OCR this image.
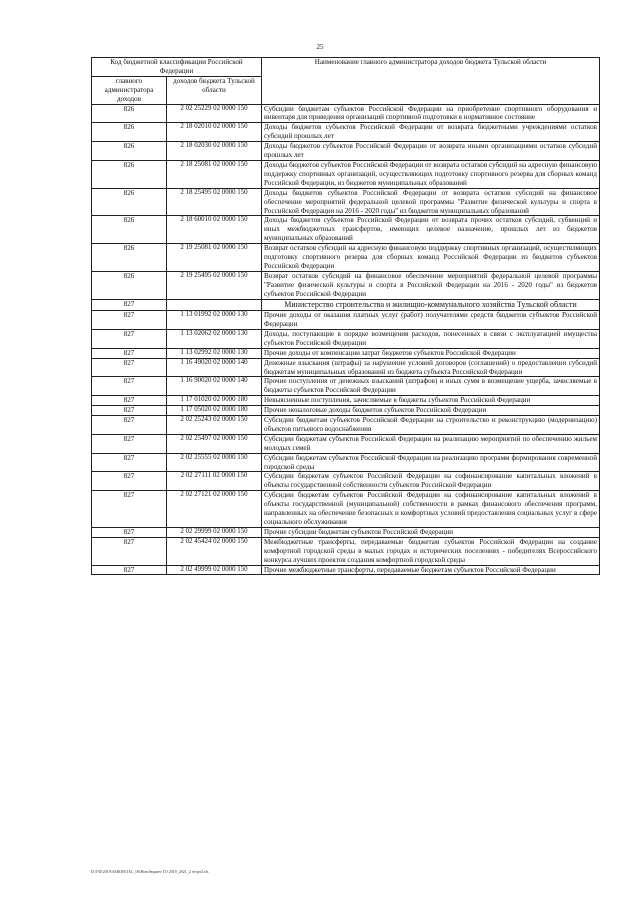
25
Код бюджетной классификации Российской Федерации		Наименование главного администратора доходов бюджета Тульской области
главного администратора доходов	доходов бюджета Тульской области	
826	2 02 25229 02 0000 150	Субсидии бюджетам субъектов Российской Федерации на приобретение спортивного оборудования и инвентаря для приведения организаций спортивной подготовки в нормативное состояние
826	2 18 02010 02 0000 150	Доходы бюджетов субъектов Российской Федерации от возврата бюджетными учреждениями остатков субсидий прошлых лет
826	2 18 02030 02 0000 150	Доходы бюджетов субъектов Российской Федерации от возврата иными организациями остатков субсидий прошлых лет
826	2 18 25081 02 0000 150	Доходы бюджетов субъектов Российской Федерации от возврата остатков субсидий на адресную финансовую поддержку спортивных организаций, осуществляющих подготовку спортивного резерва для сборных команд Российской Федерации, из бюджетов муниципальных образований
826	2 18 25495 02 0000 150	Доходы бюджетов субъектов Российской Федерации от возврата остатков субсидий на финансовое обеспечение мероприятий федеральной целевой программы "Развитие физической культуры и спорта в Российской Федерации на 2016 - 2020 годы" из бюджетов муниципальных образований
826	2 18 60010 02 0000 150	Доходы бюджетов субъектов Российской Федерации от возврата прочих остатков субсидий, субвенций и иных межбюджетных трансфертов, имеющих целевое назначение, прошлых лет из бюджетов муниципальных образований
826	2 19 25081 02 0000 150	Возврат остатков субсидий на адресную финансовую поддержку спортивных организаций, осуществляющих подготовку спортивного резерва для сборных команд Российской Федерации из бюджетов субъектов Российской Федерации
826	2 19 25495 02 0000 150	Возврат остатков субсидий на финансовое обеспечение мероприятий федеральной целевой программы "Развитие физической культуры и спорта в Российской Федерации на 2016 - 2020 годы" из бюджетов субъектов Российской Федерации
827		Министерство строительства и жилищно-коммунального хозяйства Тульской области
827	1 13 01992 02 0000 130	Прочие доходы от оказания платных услуг (работ) получателями средств бюджетов субъектов Российской Федерации
827	1 13 02062 02 0000 130	Доходы, поступающие в порядке возмещения расходов, понесенных в связи с эксплуатацией имущества субъектов Российской Федерации
827	1 13 02992 02 0000 130	Прочие доходы от компенсации затрат бюджетов субъектов Российской Федерации
827	1 16 49020 02 0000 140	Денежные взыскания (штрафы) за нарушение условий договоров (соглашений) о предоставлении субсидий бюджетам муниципальных образований из бюджета субъекта Российской Федерации
827	1 16 90020 02 0000 140	Прочие поступления от денежных взысканий (штрафов) и иных сумм в возмещение ущерба, зачисляемые в бюджеты субъектов Российской Федерации
827	1 17 01020 02 0000 180	Невыясненные поступления, зачисляемые в бюджеты субъектов Российской Федерации
827	1 17 05020 02 0000 180	Прочие неналоговые доходы бюджетов субъектов Российской Федерации
827	2 02 25243 02 0000 150	Субсидии бюджетам субъектов Российской Федерации на строительство и реконструкцию (модернизацию) объектов питьевого водоснабжения
827	2 02 25497 02 0000 150	Субсидии бюджетам субъектов Российской Федерации на реализацию мероприятий по обеспечению жильем молодых семей
827	2 02 25555 02 0000 150	Субсидии бюджетам субъектов Российской Федерации на реализацию программ формирования современной городской среды
827	2 02 27111 02 0000 150	Субсидии бюджетам субъектов Российской Федерации на софинансирование капитальных вложений в объекты государственной собственности субъектов Российской Федерации
827	2 02 27121 02 0000 150	Субсидии бюджетам субъектов Российской Федерации на софинансирование капитальных вложений в объекты государственной (муниципальной) собственности в рамках финансового обеспечения программ, направленных на обеспечение безопасных и комфортных условий предоставления социальных услуг в сфере социального обслуживания
827	2 02 29999 02 0000 150	Прочие субсидии бюджетам субъектов Российской Федерации
827	2 02 45424 02 0000 150	Межбюджетные трансферты, передаваемые бюджетам субъектов Российской Федерации на создание комфортной городской среды в малых городах и исторических поселениях - победителях Всероссийского конкурса лучших проектов создания комфортной городской среды
827	2 02 49999 02 0000 150	Прочие межбюджетные трансферты, передаваемые бюджетам субъектов Российской Федерации
D:\ГФ\2019\ЗАКОН\ЗАС_06\Нов.бюджет ТО 2019_2021_2 чт\рп3.xls
